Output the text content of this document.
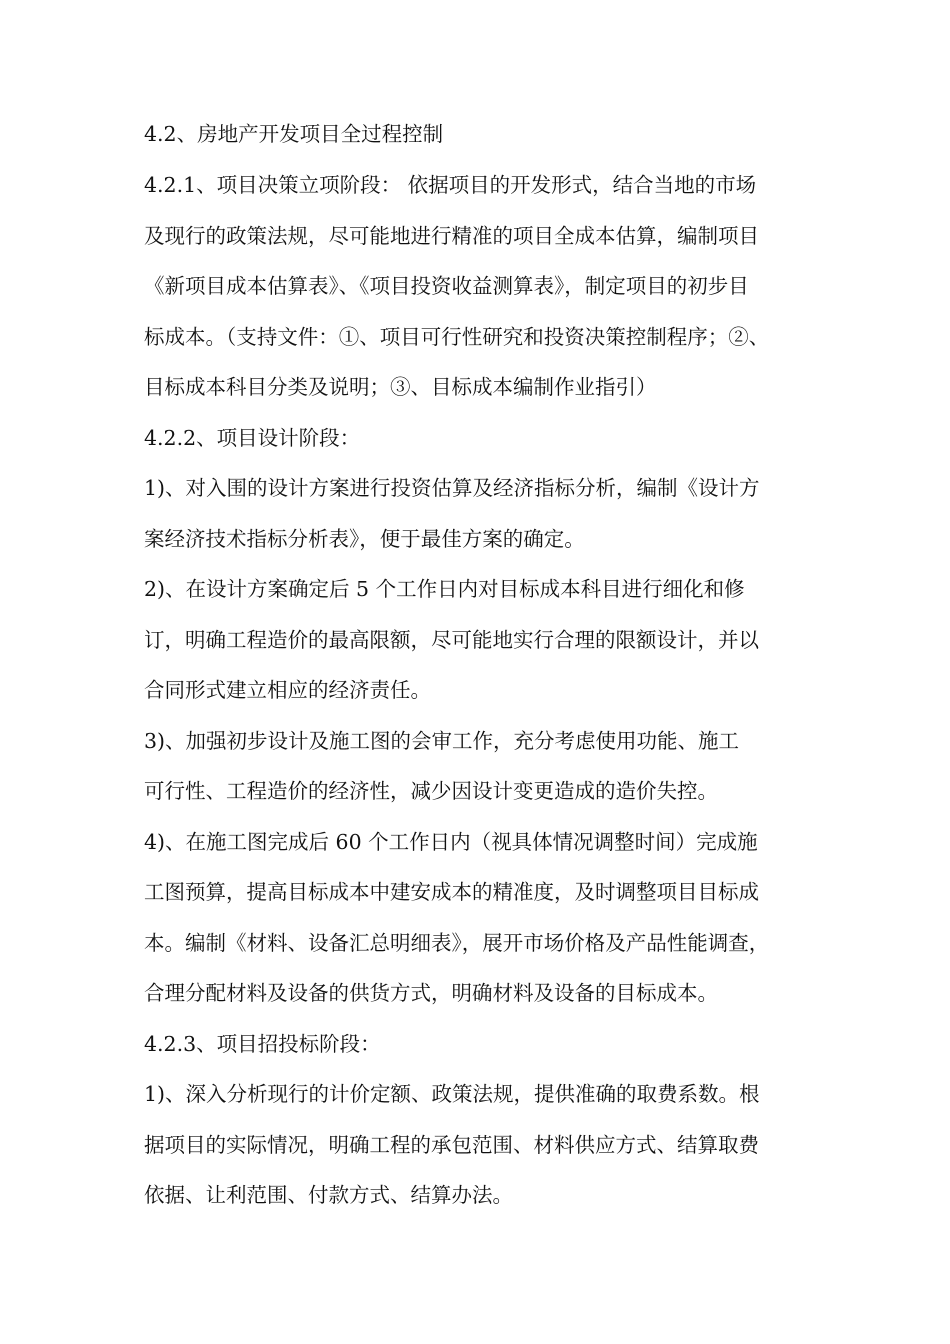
4.2、房地产开发项目全过程控制
4.2.1、项目决策立项阶段： 依据项目的开发形式，结合当地的市场
及现行的政策法规，尽可能地进行精准的项目全成本估算，编制项目
《新项目成本估算表》、《项目投资收益测算表》，制定项目的初步目
标成本。（支持文件：①、项目可行性研究和投资决策控制程序；②、
目标成本科目分类及说明；③、目标成本编制作业指引）
4.2.2、项目设计阶段：
1)、对入围的设计方案进行投资估算及经济指标分析，编制《设计方
案经济技术指标分析表》，便于最佳方案的确定。
2)、在设计方案确定后 5 个工作日内对目标成本科目进行细化和修
订，明确工程造价的最高限额，尽可能地实行合理的限额设计，并以
合同形式建立相应的经济责任。
3)、加强初步设计及施工图的会审工作，充分考虑使用功能、施工
可行性、工程造价的经济性，减少因设计变更造成的造价失控。
4)、在施工图完成后 60 个工作日内（视具体情况调整时间）完成施
工图预算，提高目标成本中建安成本的精准度，及时调整项目目标成
本。编制《材料、设备汇总明细表》，展开市场价格及产品性能调查，
合理分配材料及设备的供货方式，明确材料及设备的目标成本。
4.2.3、项目招投标阶段：
1)、深入分析现行的计价定额、政策法规，提供准确的取费系数。根
据项目的实际情况，明确工程的承包范围、材料供应方式、结算取费
依据、让利范围、付款方式、结算办法。
